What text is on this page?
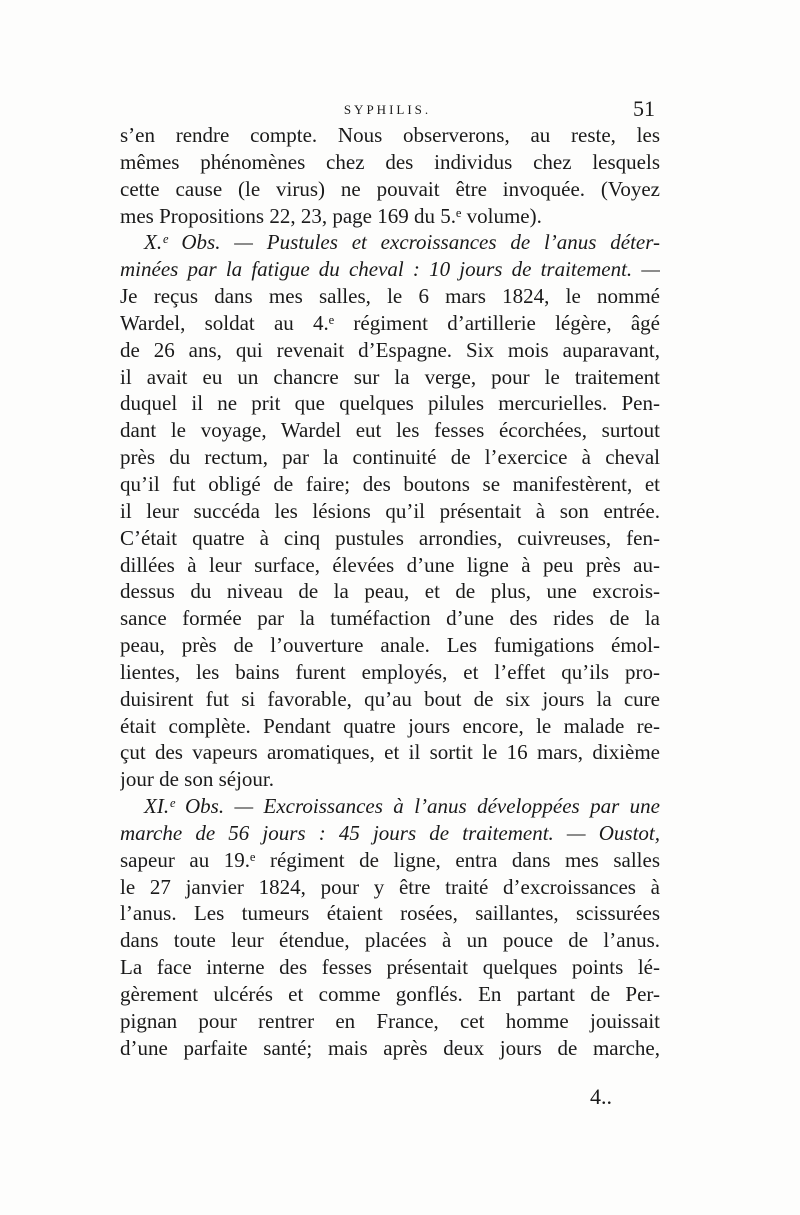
SYPHILIS.	51
s’en rendre compte. Nous observerons, au reste, les
mêmes phénomènes chez des individus chez lesquels
cette cause (le virus) ne pouvait être invoquée. (Voyez
mes Propositions 22, 23, page 169 du 5.ᵉ volume).
X.ᵉ Obs. — Pustules et excroissances de l’anus déter-
minées par la fatigue du cheval : 10 jours de traitement. —
Je reçus dans mes salles, le 6 mars 1824, le nommé
Wardel, soldat au 4.ᵉ régiment d’artillerie légère, âgé
de 26 ans, qui revenait d’Espagne. Six mois auparavant,
il avait eu un chancre sur la verge, pour le traitement
duquel il ne prit que quelques pilules mercurielles. Pen-
dant le voyage, Wardel eut les fesses écorchées, surtout
près du rectum, par la continuité de l’exercice à cheval
qu’il fut obligé de faire; des boutons se manifestèrent, et
il leur succéda les lésions qu’il présentait à son entrée.
C’était quatre à cinq pustules arrondies, cuivreuses, fen-
dillées à leur surface, élevées d’une ligne à peu près au-
dessus du niveau de la peau, et de plus, une excrois-
sance formée par la tuméfaction d’une des rides de la
peau, près de l’ouverture anale. Les fumigations émol-
lientes, les bains furent employés, et l’effet qu’ils pro-
duisirent fut si favorable, qu’au bout de six jours la cure
était complète. Pendant quatre jours encore, le malade re-
çut des vapeurs aromatiques, et il sortit le 16 mars, dixième
jour de son séjour.
XI.ᵉ Obs. — Excroissances à l’anus développées par une
marche de 56 jours : 45 jours de traitement. — Oustot,
sapeur au 19.ᵉ régiment de ligne, entra dans mes salles
le 27 janvier 1824, pour y être traité d’excroissances à
l’anus. Les tumeurs étaient rosées, saillantes, scissurées
dans toute leur étendue, placées à un pouce de l’anus.
La face interne des fesses présentait quelques points lé-
gèrement ulcérés et comme gonflés. En partant de Per-
pignan pour rentrer en France, cet homme jouissait
d’une parfaite santé; mais après deux jours de marche,
4..
